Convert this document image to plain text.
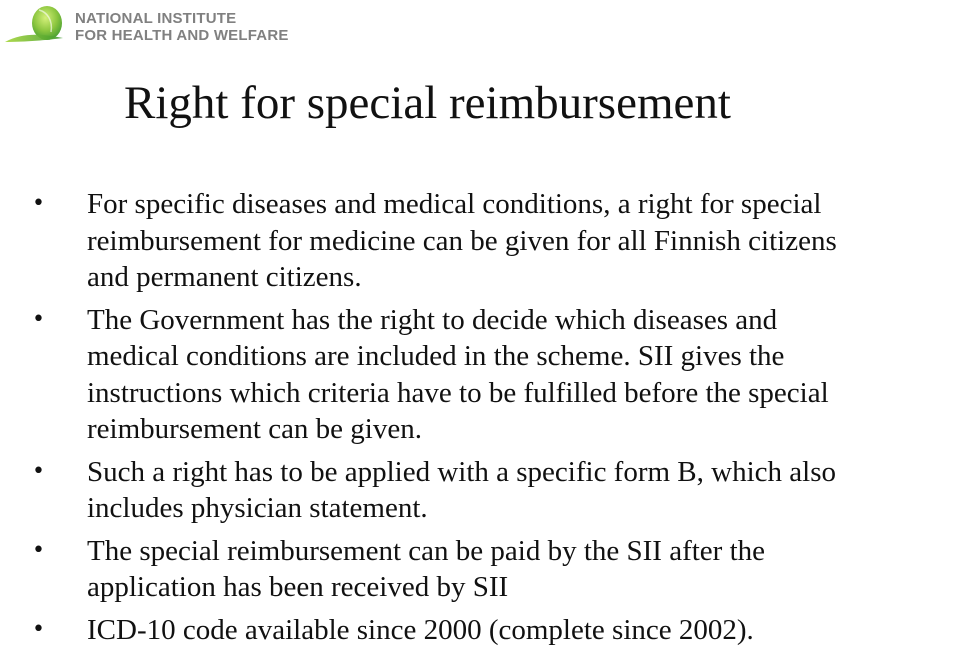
NATIONAL INSTITUTE
FOR HEALTH AND WELFARE
Right for special reimbursement
• For specific diseases and medical conditions, a right for special
reimbursement for medicine can be given for all Finnish citizens
and permanent citizens.
• The Government has the right to decide which diseases and
medical conditions are included in the scheme. SII gives the
instructions which criteria have to be fulfilled before the special
reimbursement can be given.
• Such a right has to be applied with a specific form B, which also
includes physician statement.
• The special reimbursement can be paid by the SII after the
application has been received by SII
• ICD-10 code available since 2000 (complete since 2002).
